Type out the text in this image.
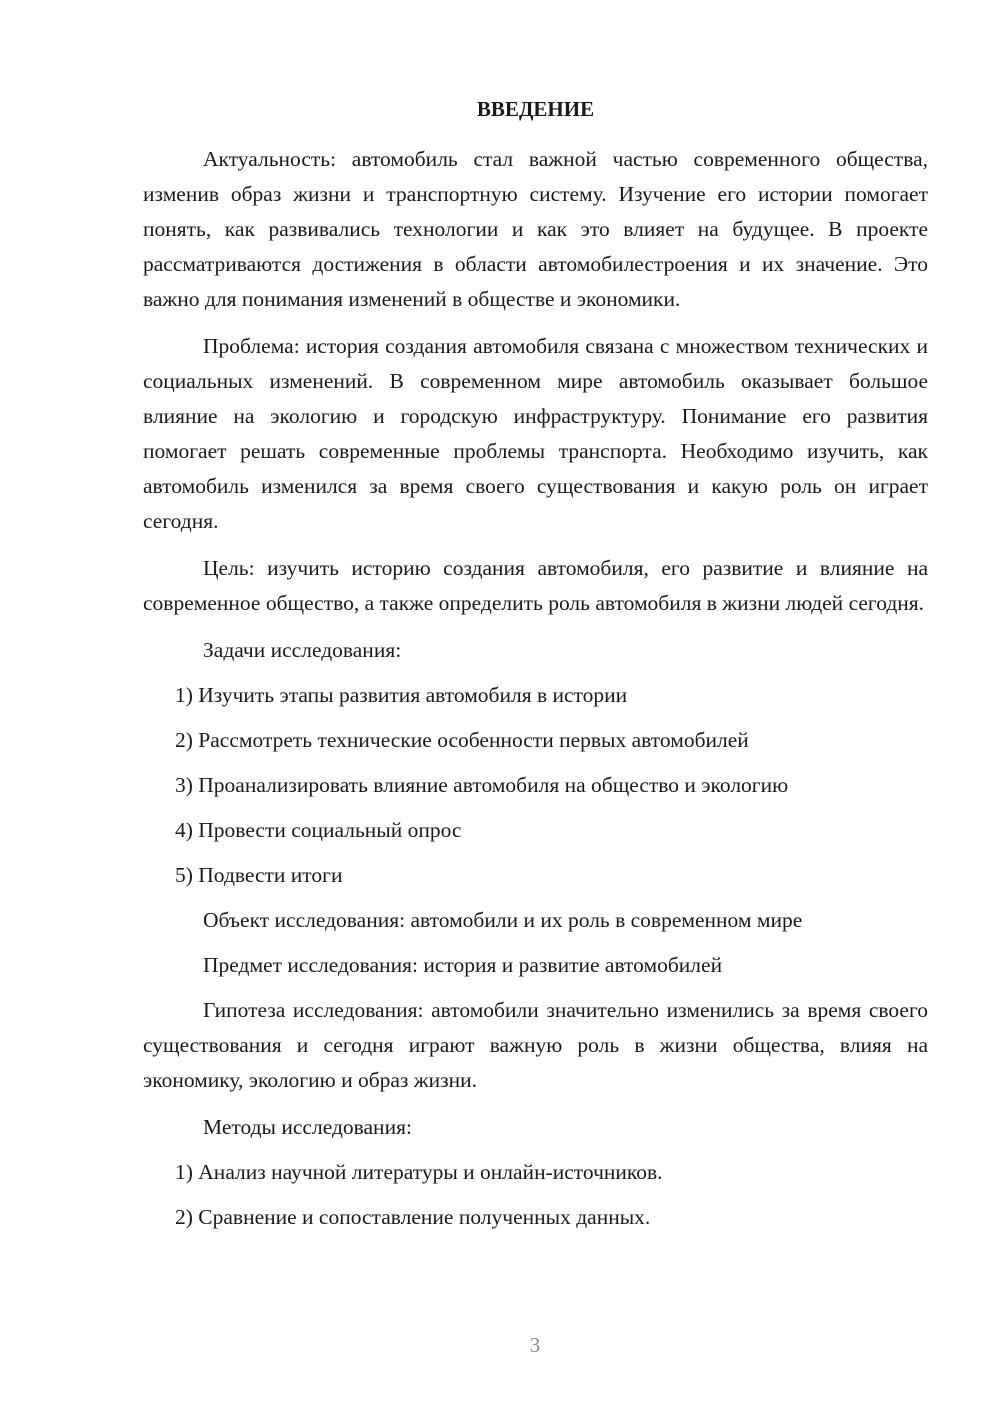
ВВЕДЕНИЕ

Актуальность: автомобиль стал важной частью современного общества, изменив образ жизни и транспортную систему. Изучение его истории помогает понять, как развивались технологии и как это влияет на будущее. В проекте рассматриваются достижения в области автомобилестроения и их значение. Это важно для понимания изменений в обществе и экономики.

Проблема: история создания автомобиля связана с множеством технических и социальных изменений. В современном мире автомобиль оказывает большое влияние на экологию и городскую инфраструктуру. Понимание его развития помогает решать современные проблемы транспорта. Необходимо изучить, как автомобиль изменился за время своего существования и какую роль он играет сегодня.

Цель: изучить историю создания автомобиля, его развитие и влияние на современное общество, а также определить роль автомобиля в жизни людей сегодня.

Задачи исследования:
1) Изучить этапы развития автомобиля в истории
2) Рассмотреть технические особенности первых автомобилей
3) Проанализировать влияние автомобиля на общество и экологию
4) Провести социальный опрос
5) Подвести итоги
Объект исследования: автомобили и их роль в современном мире
Предмет исследования: история и развитие автомобилей

Гипотеза исследования: автомобили значительно изменились за время своего существования и сегодня играют важную роль в жизни общества, влияя на экономику, экологию и образ жизни.

Методы исследования:
1) Анализ научной литературы и онлайн-источников.
2) Сравнение и сопоставление полученных данных.
3
